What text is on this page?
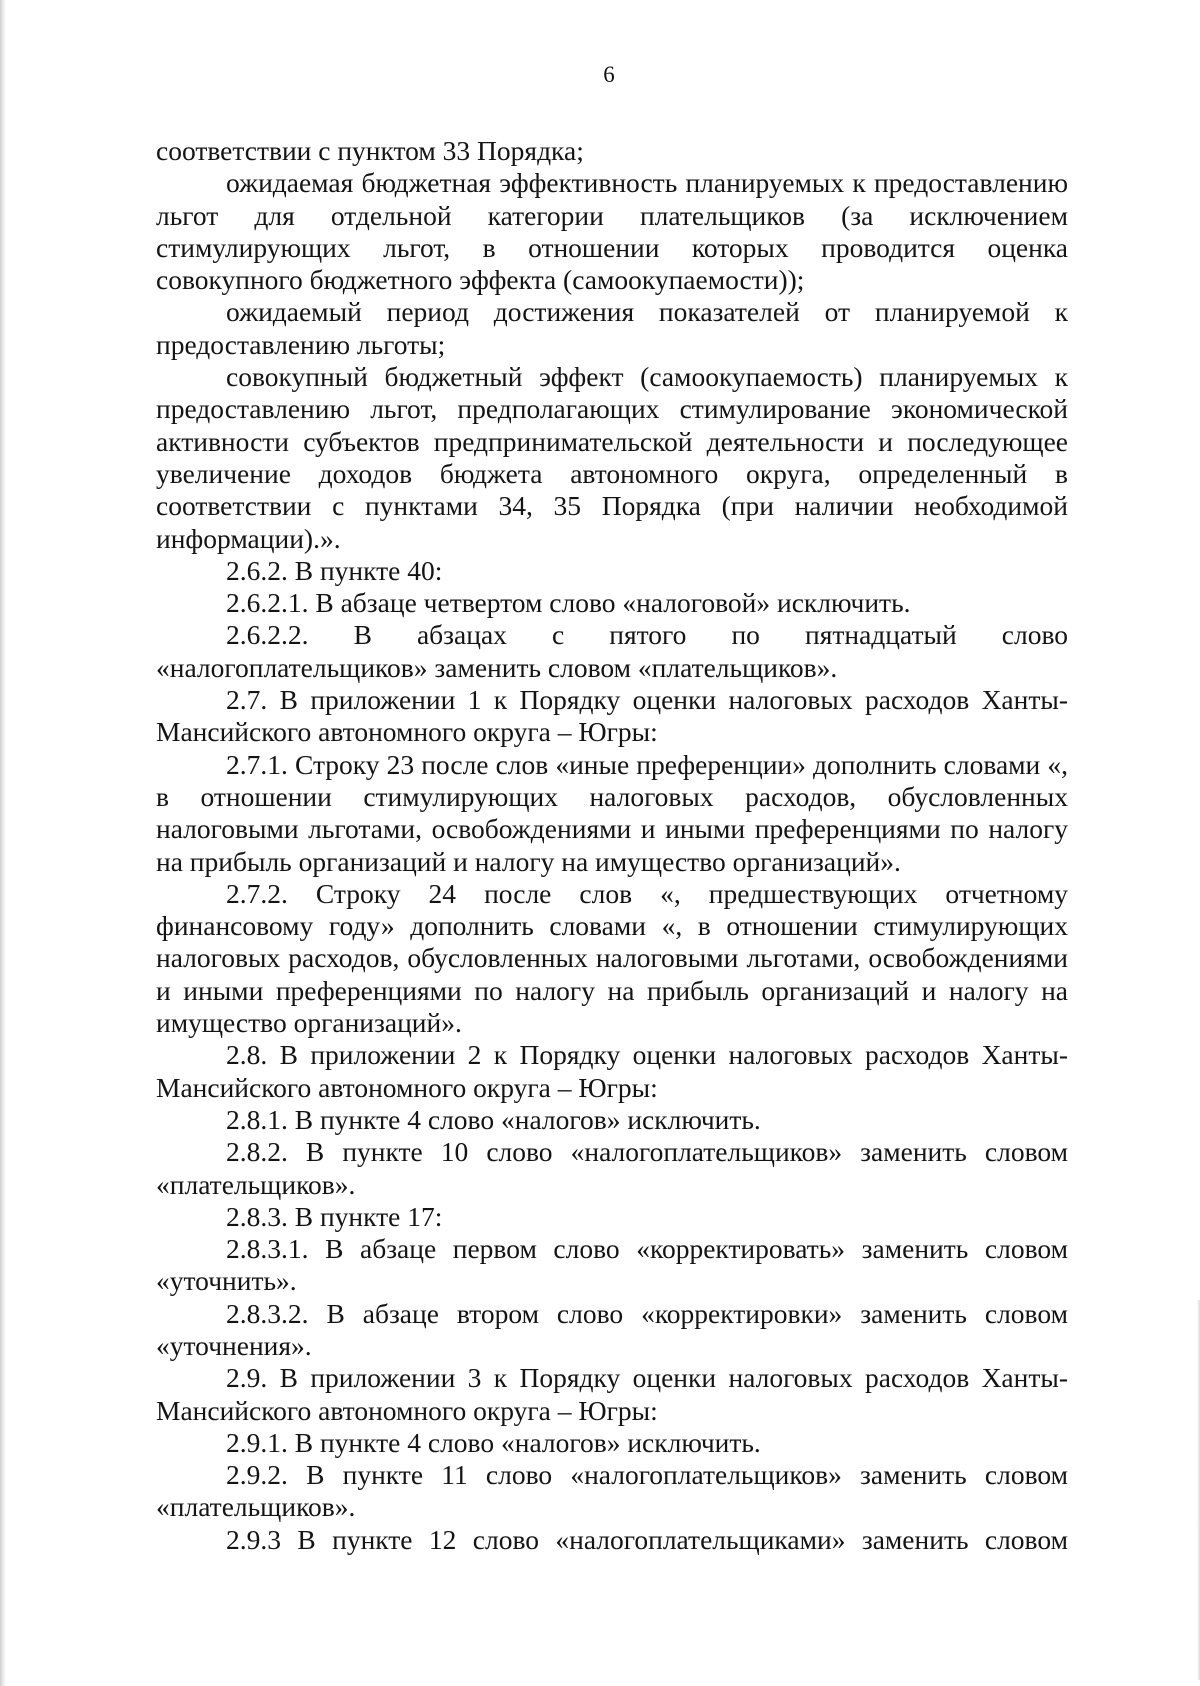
6

соответствии с пунктом 33 Порядка;

ожидаемая бюджетная эффективность планируемых к предоставлению льгот для отдельной категории плательщиков (за исключением стимулирующих льгот, в отношении которых проводится оценка совокупного бюджетного эффекта (самоокупаемости));

ожидаемый период достижения показателей от планируемой к предоставлению льготы;

совокупный бюджетный эффект (самоокупаемость) планируемых к предоставлению льгот, предполагающих стимулирование экономической активности субъектов предпринимательской деятельности и последующее увеличение доходов бюджета автономного округа, определенный в соответствии с пунктами 34, 35 Порядка (при наличии необходимой информации).».

2.6.2. В пункте 40:

2.6.2.1. В абзаце четвертом слово «налоговой» исключить.

2.6.2.2. В абзацах с пятого по пятнадцатый слово «налогоплательщиков» заменить словом «плательщиков».

2.7. В приложении 1 к Порядку оценки налоговых расходов Ханты-Мансийского автономного округа – Югры:

2.7.1. Строку 23 после слов «иные преференции» дополнить словами «, в отношении стимулирующих налоговых расходов, обусловленных налоговыми льготами, освобождениями и иными преференциями по налогу на прибыль организаций и налогу на имущество организаций».

2.7.2. Строку 24 после слов «, предшествующих отчетному финансовому году» дополнить словами «, в отношении стимулирующих налоговых расходов, обусловленных налоговыми льготами, освобождениями и иными преференциями по налогу на прибыль организаций и налогу на имущество организаций».

2.8. В приложении 2 к Порядку оценки налоговых расходов Ханты-Мансийского автономного округа – Югры:

2.8.1. В пункте 4 слово «налогов» исключить.

2.8.2. В пункте 10 слово «налогоплательщиков» заменить словом «плательщиков».

2.8.3. В пункте 17:

2.8.3.1. В абзаце первом слово «корректировать» заменить словом «уточнить».

2.8.3.2. В абзаце втором слово «корректировки» заменить словом «уточнения».

2.9. В приложении 3 к Порядку оценки налоговых расходов Ханты-Мансийского автономного округа – Югры:

2.9.1. В пункте 4 слово «налогов» исключить.

2.9.2. В пункте 11 слово «налогоплательщиков» заменить словом «плательщиков».

2.9.3 В пункте 12 слово «налогоплательщиками» заменить словом
